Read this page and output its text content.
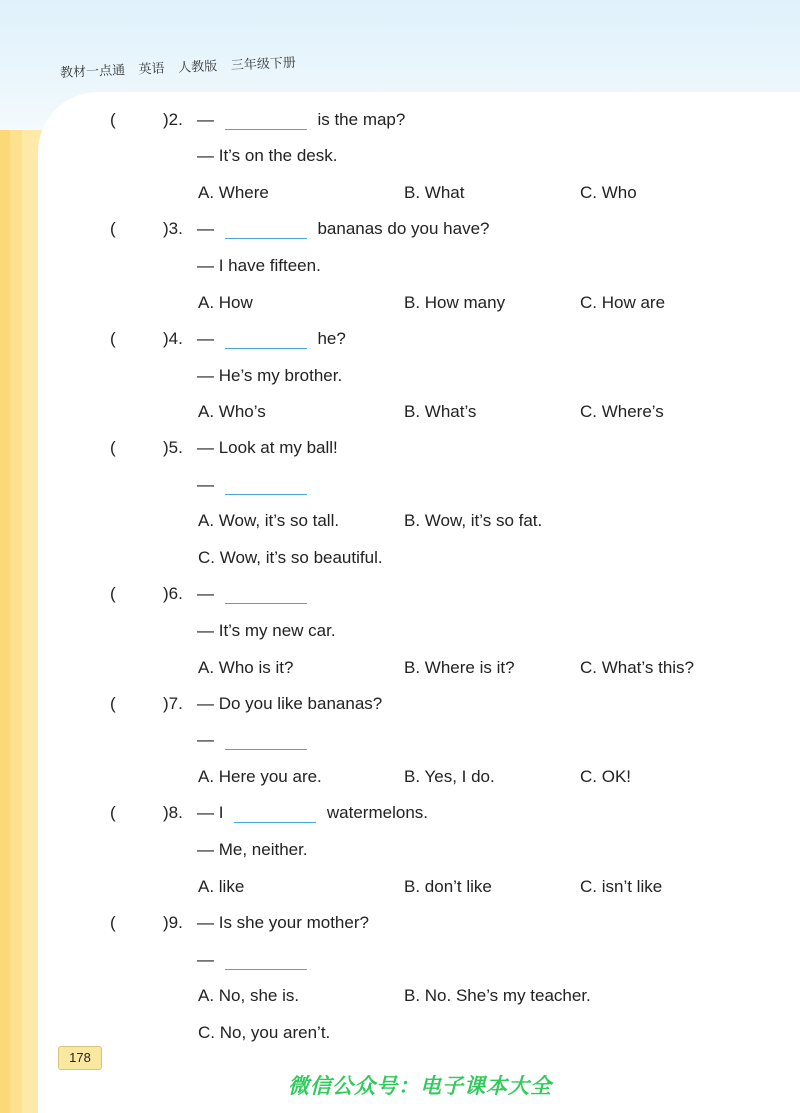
教材一点通 英语 人教版 三年级下册
(	)2. —	is the map?
— It’s on the desk.
A. Where	B. What	C. Who
(	)3. —	bananas do you have?
— I have fifteen.
A. How	B. How many	C. How are
(	)4. —	he?
— He’s my brother.
A. Who’s	B. What’s	C. Where’s
(	)5. — Look at my ball!
—
A. Wow, it’s so tall.	B. Wow, it’s so fat.
C. Wow, it’s so beautiful.
(	)6. —
— It’s my new car.
A. Who is it?	B. Where is it?	C. What’s this?
(	)7. — Do you like bananas?
—
A. Here you are.	B. Yes, I do.	C. OK!
(	)8. — I	watermelons.
— Me, neither.
A. like	B. don’t like	C. isn’t like
(	)9. — Is she your mother?
—
A. No, she is.	B. No. She’s my teacher.
C. No, you aren’t.
178
微信公众号：电子课本大全
